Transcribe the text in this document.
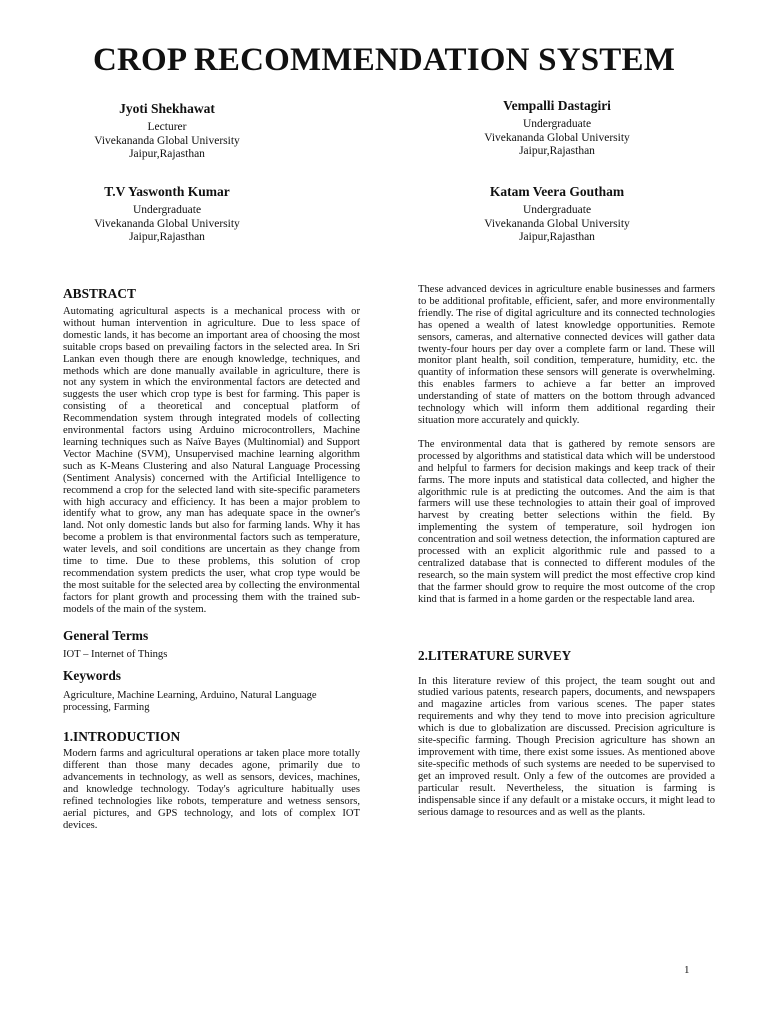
CROP RECOMMENDATION SYSTEM
Jyoti Shekhawat
Lecturer
Vivekananda Global University
Jaipur,Rajasthan
Vempalli Dastagiri
Undergraduate
Vivekananda Global University
Jaipur,Rajasthan
T.V Yaswonth Kumar
Undergraduate
Vivekananda Global University
Jaipur,Rajasthan
Katam Veera Goutham
Undergraduate
Vivekananda Global University
Jaipur,Rajasthan
ABSTRACT

Automating agricultural aspects is a mechanical process with or without human intervention in agriculture. Due to less space of domestic lands, it has become an important area of choosing the most suitable crops based on prevailing factors in the selected area. In Sri Lankan even though there are enough knowledge, techniques, and methods which are done manually available in agriculture, there is not any system in which the environmental factors are detected and suggests the user which crop type is best for farming. This paper is consisting of a theoretical and conceptual platform of Recommendation system through integrated models of collecting environmental factors using Arduino microcontrollers, Machine learning techniques such as Naïve Bayes (Multinomial) and Support Vector Machine (SVM), Unsupervised machine learning algorithm such as K-Means Clustering and also Natural Language Processing (Sentiment Analysis) concerned with the Artificial Intelligence to recommend a crop for the selected land with site-specific parameters with high accuracy and efficiency. It has been a major problem to identify what to grow, any man has adequate space in the owner's land. Not only domestic lands but also for farming lands. Why it has become a problem is that environmental factors such as temperature, water levels, and soil conditions are uncertain as they change from time to time. Due to these problems, this solution of crop recommendation system predicts the user, what crop type would be the most suitable for the selected area by collecting the environmental factors for plant growth and processing them with the trained sub-models of the main of the system.

General Terms

IOT – Internet of Things

Keywords

Agriculture, Machine Learning, Arduino, Natural Language processing, Farming

1.INTRODUCTION

Modern farms and agricultural operations ar taken place more totally different than those many decades agone, primarily due to advancements in technology, as well as sensors, devices, machines, and knowledge technology. Today's agriculture habitually uses refined technologies like robots, temperature and wetness sensors, aerial pictures, and GPS technology, and lots of complex IOT devices.

These advanced devices in agriculture enable businesses and farmers to be additional profitable, efficient, safer, and more environmentally friendly. The rise of digital agriculture and its connected technologies has opened a wealth of latest knowledge opportunities. Remote sensors, cameras, and alternative connected devices will gather data twenty-four hours per day over a complete farm or land. These will monitor plant health, soil condition, temperature, humidity, etc. the quantity of information these sensors will generate is overwhelming. this enables farmers to achieve a far better an improved understanding of state of matters on the bottom through advanced technology which will inform them additional regarding their situation more accurately and quickly.

The environmental data that is gathered by remote sensors are processed by algorithms and statistical data which will be understood and helpful to farmers for decision makings and keep track of their farms. The more inputs and statistical data collected, and higher the algorithmic rule is at predicting the outcomes. And the aim is that farmers will use these technologies to attain their goal of improved harvest by creating better selections within the field. By implementing the system of temperature, soil hydrogen ion concentration and soil wetness detection, the information captured are processed with an explicit algorithmic rule and passed to a centralized database that is connected to different modules of the research, so the main system will predict the most effective crop kind that the farmer should grow to require the most outcome of the crop kind that is farmed in a home garden or the respectable land area.

2.LITERATURE SURVEY

In this literature review of this project, the team sought out and studied various patents, research papers, documents, and newspapers and magazine articles from various scenes. The paper states requirements and why they tend to move into precision agriculture which is due to globalization are discussed. Precision agriculture is site-specific farming. Though Precision agriculture has shown an improvement with time, there exist some issues. As mentioned above site-specific methods of such systems are needed to be supervised to get an improved result. Only a few of the outcomes are provided a particular result. Nevertheless, the situation is farming is indispensable since if any default or a mistake occurs, it might lead to serious damage to resources and as well as the plants.

1
